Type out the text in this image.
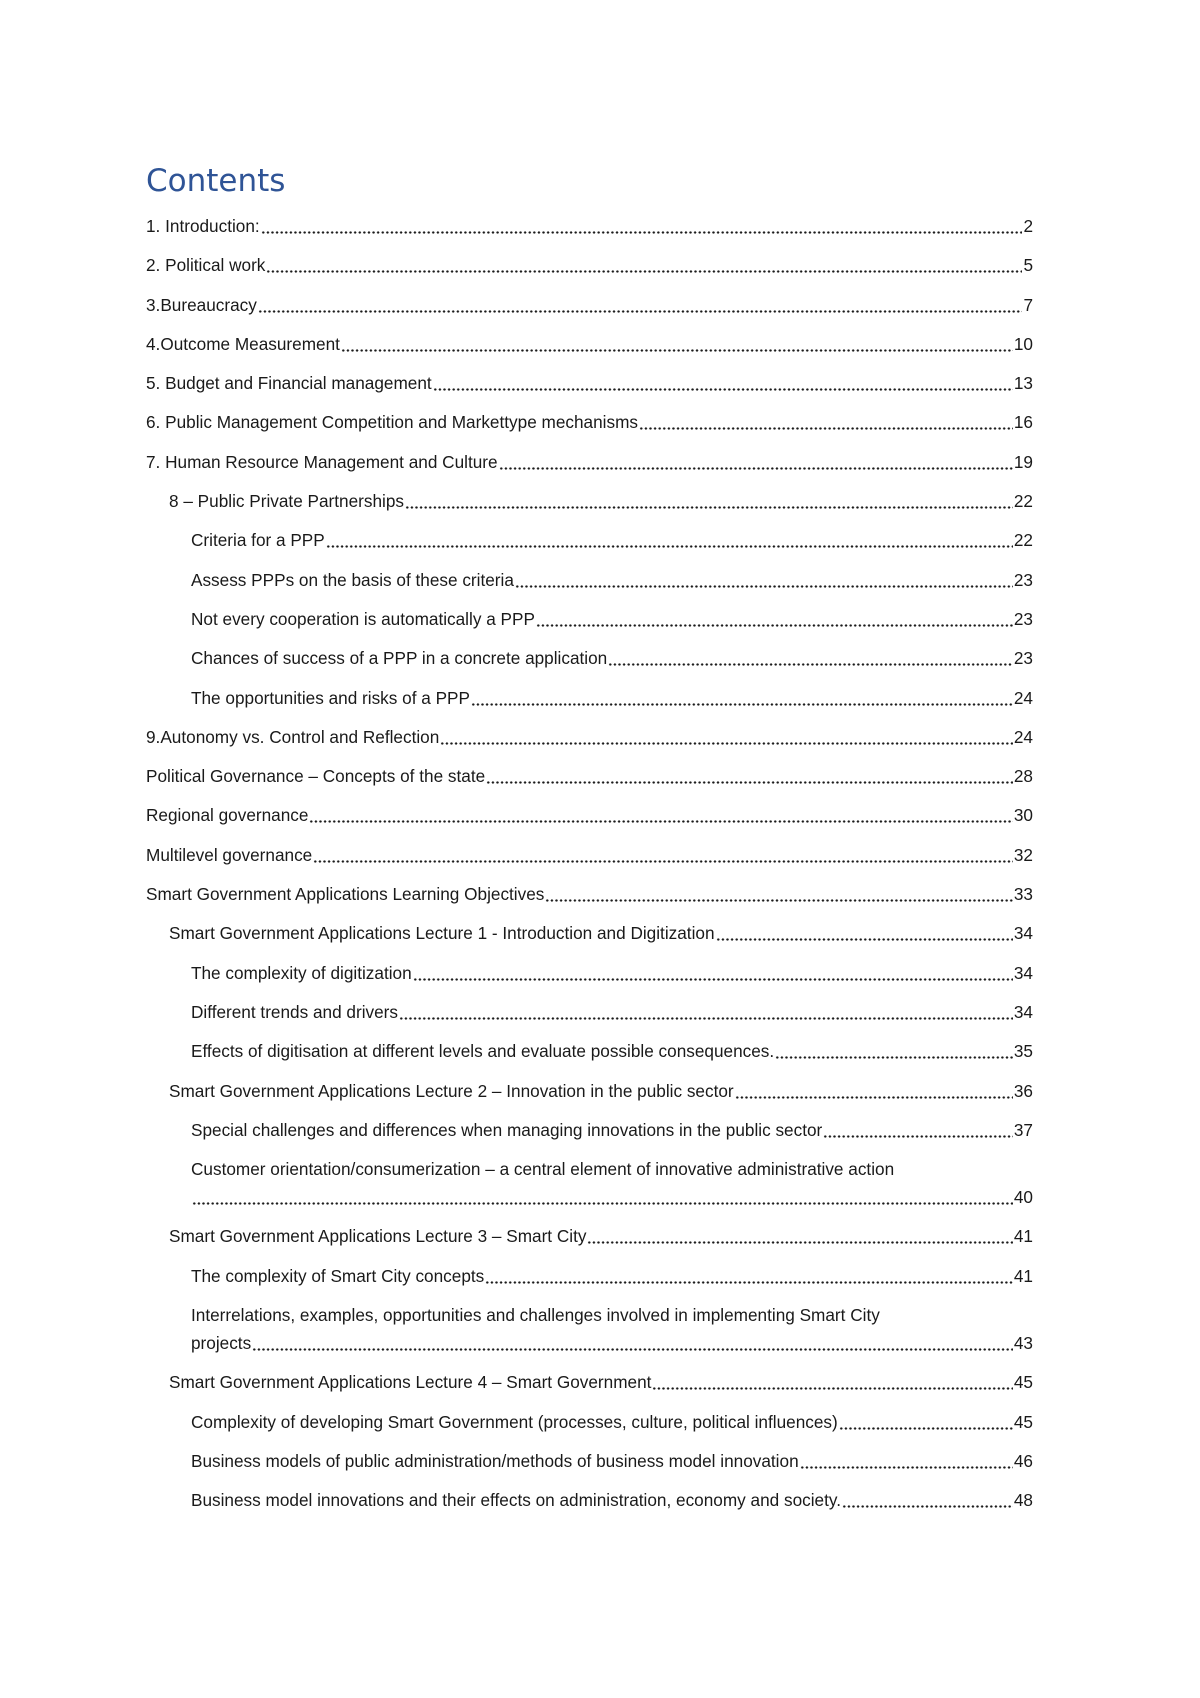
Contents
1. Introduction:	2
2. Political work	5
3.Bureaucracy	7
4.Outcome Measurement	10
5. Budget and Financial management	13
6. Public Management Competition and Markettype mechanisms	16
7. Human Resource Management and Culture	19
8 – Public Private Partnerships	22
Criteria for a PPP	22
Assess PPPs on the basis of these criteria	23
Not every cooperation is automatically a PPP	23
Chances of success of a PPP in a concrete application	23
The opportunities and risks of a PPP	24
9.Autonomy vs. Control and Reflection	24
Political Governance – Concepts of the state	28
Regional governance	30
Multilevel governance	32
Smart Government Applications Learning Objectives	33
Smart Government Applications Lecture 1 - Introduction and Digitization	34
The complexity of digitization	34
Different trends and drivers	34
Effects of digitisation at different levels and evaluate possible consequences.	35
Smart Government Applications Lecture 2 – Innovation in the public sector	36
Special challenges and differences when managing innovations in the public sector	37
Customer orientation/consumerization – a central element of innovative administrative action
40
Smart Government Applications Lecture 3 – Smart City	41
The complexity of Smart City concepts	41
Interrelations, examples, opportunities and challenges involved in implementing Smart City
projects	43
Smart Government Applications Lecture 4 – Smart Government	45
Complexity of developing Smart Government (processes, culture, political influences)	45
Business models of public administration/methods of business model innovation	46
Business model innovations and their effects on administration, economy and society.	48
